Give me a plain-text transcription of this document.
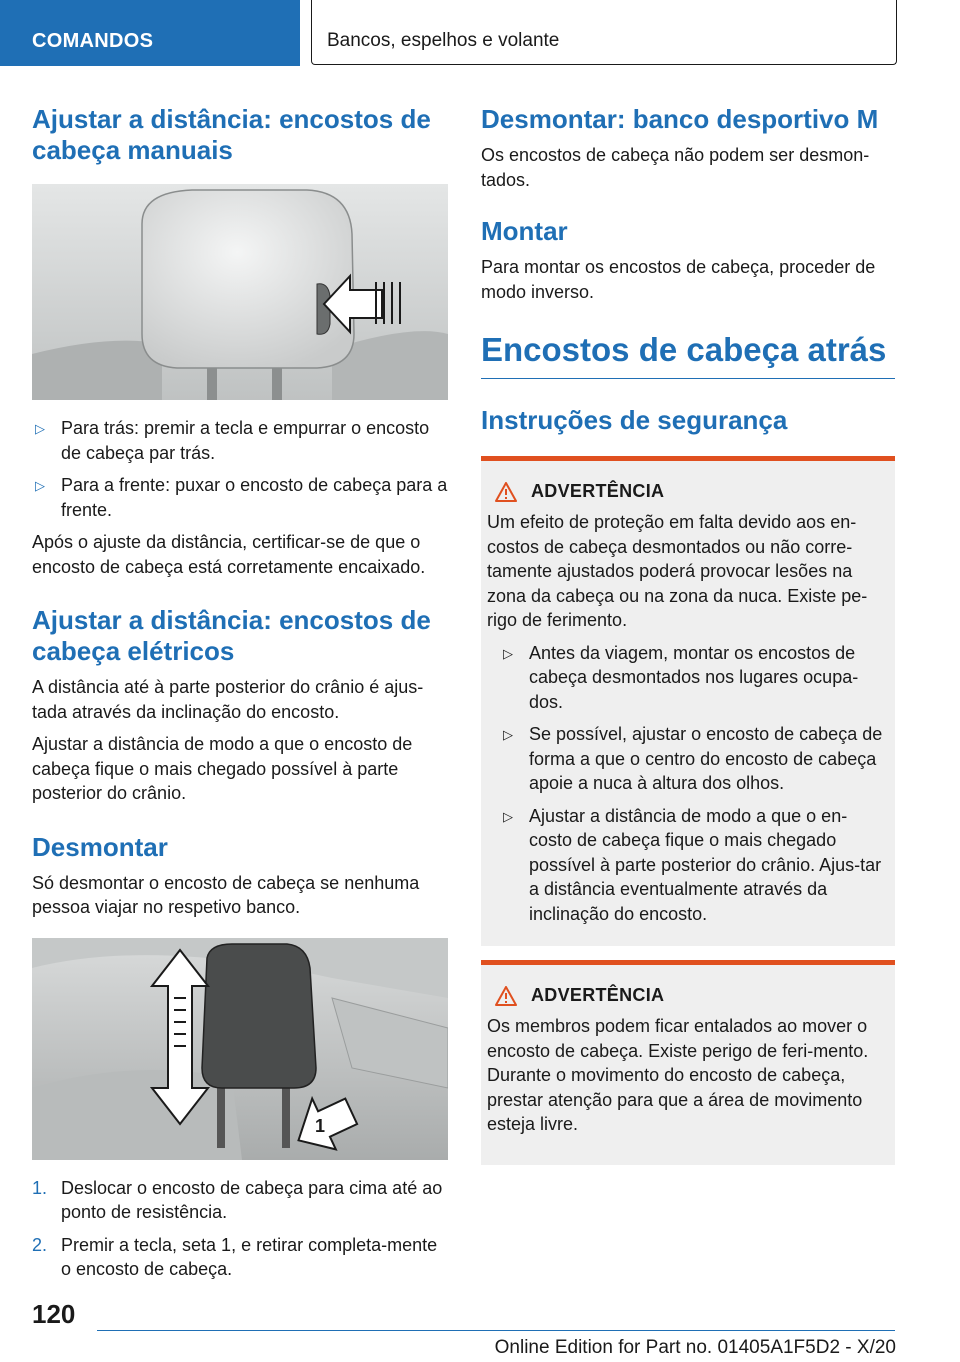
COMANDOS	Bancos, espelhos e volante
Ajustar a distância: encostos de cabeça manuais
▷ Para trás: premir a tecla e empurrar o encosto de cabeça par trás.
▷ Para a frente: puxar o encosto de cabeça para a frente.

Após o ajuste da distância, certificar-se de que o encosto de cabeça está corretamente encaixado.

Ajustar a distância: encostos de cabeça elétricos

A distância até à parte posterior do crânio é ajus-tada através da inclinação do encosto.

Ajustar a distância de modo a que o encosto de cabeça fique o mais chegado possível à parte posterior do crânio.

Desmontar

Só desmontar o encosto de cabeça se nenhuma pessoa viajar no respetivo banco.

1
1. Deslocar o encosto de cabeça para cima até ao ponto de resistência.
2. Premir a tecla, seta 1, e retirar completa-mente o encosto de cabeça.
Desmontar: banco desportivo M

Os encostos de cabeça não podem ser desmon-tados.

Montar

Para montar os encostos de cabeça, proceder de modo inverso.

Encostos de cabeça atrás
Instruções de segurança
ADVERTÊNCIA

Um efeito de proteção em falta devido aos en-costos de cabeça desmontados ou não corre-tamente ajustados poderá provocar lesões na zona da cabeça ou na zona da nuca. Existe pe-rigo de ferimento.

▷ Antes da viagem, montar os encostos de cabeça desmontados nos lugares ocupa-dos.
▷ Se possível, ajustar o encosto de cabeça de forma a que o centro do encosto de cabeça apoie a nuca à altura dos olhos.
▷ Ajustar a distância de modo a que o en-costo de cabeça fique o mais chegado possível à parte posterior do crânio. Ajus-tar a distância eventualmente através da inclinação do encosto.
ADVERTÊNCIA

Os membros podem ficar entalados ao mover o encosto de cabeça. Existe perigo de feri-mento. Durante o movimento do encosto de cabeça, prestar atenção para que a área de movimento esteja livre.

120
Online Edition for Part no. 01405A1F5D2 - X/20
